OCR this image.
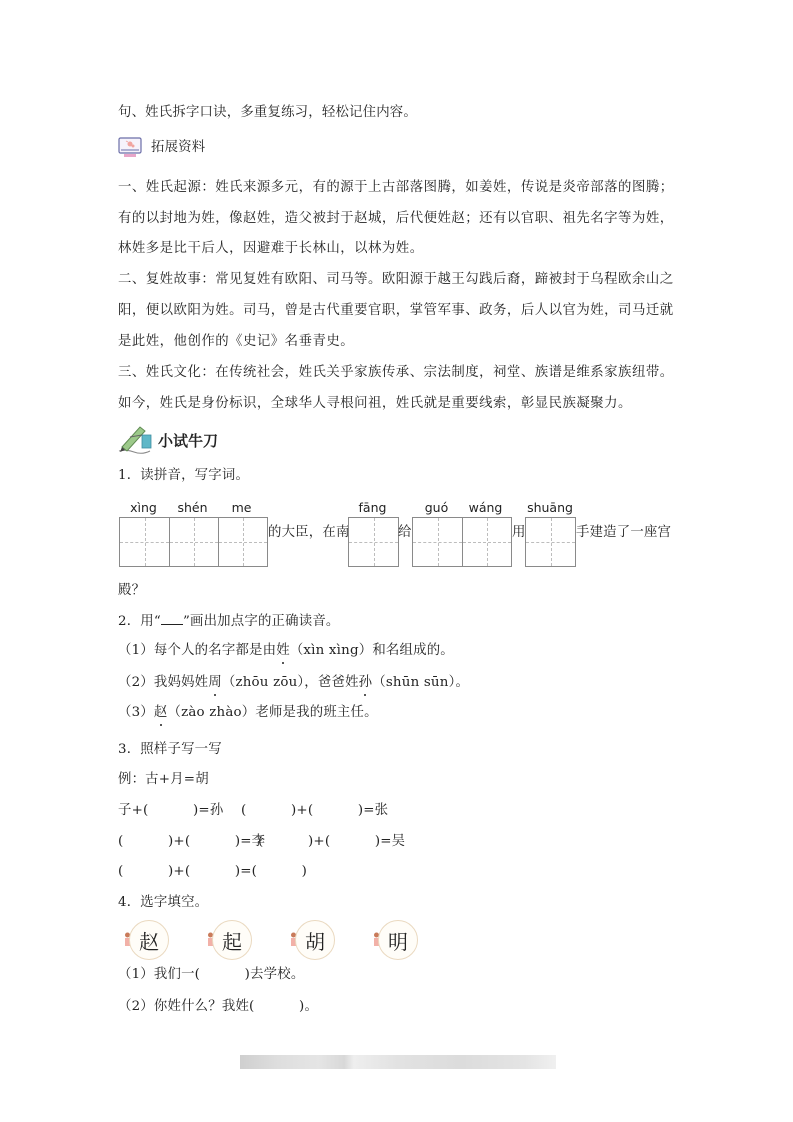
句、姓氏拆字口诀，多重复练习，轻松记住内容。
拓展资料
一、姓氏起源：姓氏来源多元，有的源于上古部落图腾，如姜姓，传说是炎帝部落的图腾；
有的以封地为姓，像赵姓，造父被封于赵城，后代便姓赵；还有以官职、祖先名字等为姓，
林姓多是比干后人，因避难于长林山，以林为姓。
二、复姓故事：常见复姓有欧阳、司马等。欧阳源于越王勾践后裔，蹄被封于乌程欧余山之
阳，便以欧阳为姓。司马，曾是古代重要官职，掌管军事、政务，后人以官为姓，司马迁就
是此姓，他创作的《史记》名垂青史。
三、姓氏文化：在传统社会，姓氏关乎家族传承、宗法制度，祠堂、族谱是维系家族纽带。
如今，姓氏是身份标识，全球华人寻根问祖，姓氏就是重要线索，彰显民族凝聚力。
小试牛刀
1．读拼音，写字词。
xìng	shén	me
的大臣，在南
fāng
给
guó	wáng
用
shuāng
手建造了一座宫
殿？
2．用“ ”画出加点字的正确读音。
（1）每个人的名字都是由姓（xìn xìng）和名组成的。
（2）我妈妈姓周（zhōu zōu），爸爸姓孙（shūn sūn）。
（3）赵（zào zhào）老师是我的班主任。
3．照样子写一写
例：古+月=胡
子+(          )=孙 (          )+(          )=张
(          )+(          )=李
(          )+(          )=吴
(          )+(          )=(          )
4．选字填空。
赵	起	胡	明
（1）我们一(          )去学校。
（2）你姓什么？我姓(          )。
